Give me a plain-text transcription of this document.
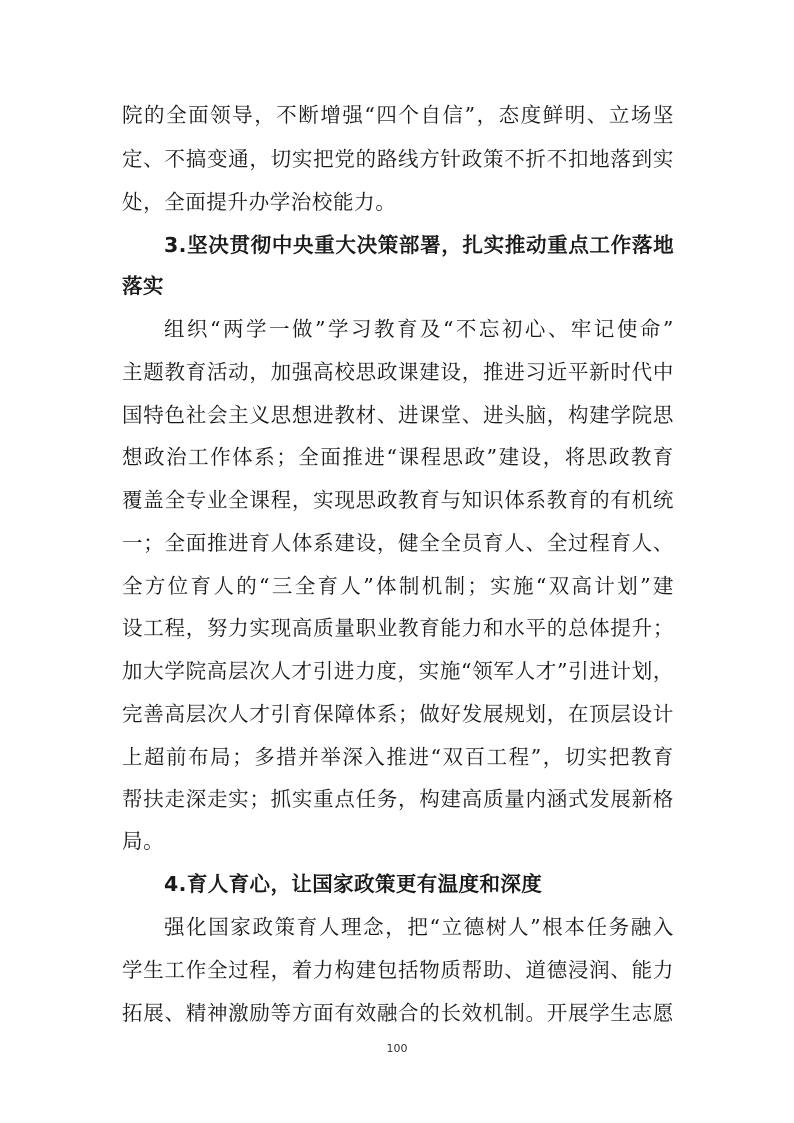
院的全面领导，不断增强“四个自信”，态度鲜明、立场坚
定、不搞变通，切实把党的路线方针政策不折不扣地落到实
处，全面提升办学治校能力。
3.坚决贯彻中央重大决策部署，扎实推动重点工作落地
落实
组织“两学一做”学习教育及“不忘初心、牢记使命”
主题教育活动，加强高校思政课建设，推进习近平新时代中
国特色社会主义思想进教材、进课堂、进头脑，构建学院思
想政治工作体系；全面推进“课程思政”建设，将思政教育
覆盖全专业全课程，实现思政教育与知识体系教育的有机统
一；全面推进育人体系建设，健全全员育人、全过程育人、
全方位育人的“三全育人”体制机制；实施“双高计划”建
设工程，努力实现高质量职业教育能力和水平的总体提升；
加大学院高层次人才引进力度，实施“领军人才”引进计划，
完善高层次人才引育保障体系；做好发展规划，在顶层设计
上超前布局；多措并举深入推进“双百工程”，切实把教育
帮扶走深走实；抓实重点任务，构建高质量内涵式发展新格
局。
4.育人育心，让国家政策更有温度和深度
强化国家政策育人理念，把“立德树人”根本任务融入
学生工作全过程，着力构建包括物质帮助、道德浸润、能力
拓展、精神激励等方面有效融合的长效机制。开展学生志愿
100
